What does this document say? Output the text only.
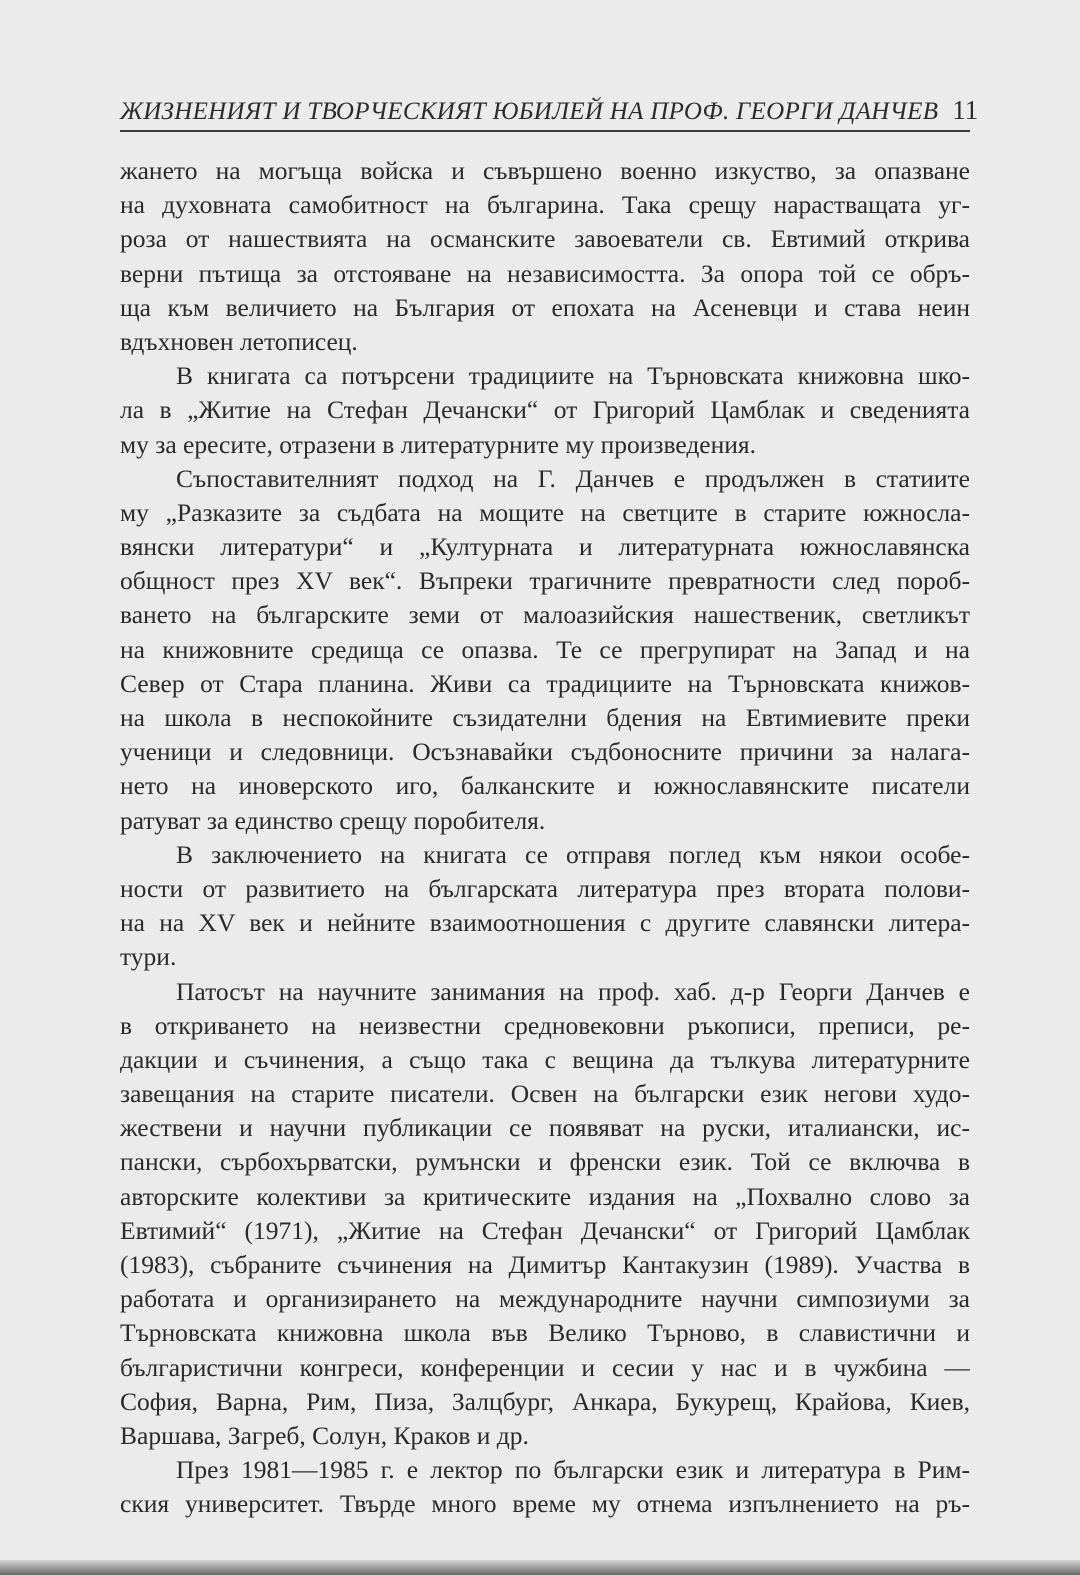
ЖИЗНЕНИЯТ И ТВОРЧЕСКИЯТ ЮБИЛЕЙ НА ПРОФ. ГЕОРГИ ДАНЧЕВ 11
жането на могъща войска и съвършено военно изкуство, за опазване
на духовната самобитност на българина. Така срещу нарастващата уг-
роза от нашествията на османските завоеватели св. Евтимий открива
верни пътища за отстояване на независимостта. За опора той се обръ-
ща към величието на България от епохата на Асеневци и става неин
вдъхновен летописец.
В книгата са потърсени традициите на Търновската книжовна шко-
ла в „Житие на Стефан Дечански“ от Григорий Цамблак и сведенията
му за ересите, отразени в литературните му произведения.
Съпоставителният подход на Г. Данчев е продължен в статиите
му „Разказите за съдбата на мощите на светците в старите южносла-
вянски литератури“ и „Културната и литературната южнославянска
общност през XV век“. Въпреки трагичните превратности след пороб-
ването на българските земи от малоазийския нашественик, светликът
на книжовните средища се опазва. Те се прегрупират на Запад и на
Север от Стара планина. Живи са традициите на Търновската книжов-
на школа в неспокойните съзидателни бдения на Евтимиевите преки
ученици и следовници. Осъзнавайки съдбоносните причини за налага-
нето на иноверското иго, балканските и южнославянските писатели
ратуват за единство срещу поробителя.
В заключението на книгата се отправя поглед към някои особе-
ности от развитието на българската литература през втората полови-
на на XV век и нейните взаимоотношения с другите славянски литера-
тури.
Патосът на научните занимания на проф. хаб. д-р Георги Данчев е
в откриването на неизвестни средновековни ръкописи, преписи, ре-
дакции и съчинения, а също така с вещина да тълкува литературните
завещания на старите писатели. Освен на български език негови худо-
жествени и научни публикации се появяват на руски, италиански, ис-
пански, сърбохърватски, румънски и френски език. Той се включва в
авторските колективи за критическите издания на „Похвално слово за
Евтимий“ (1971), „Житие на Стефан Дечански“ от Григорий Цамблак
(1983), събраните съчинения на Димитър Кантакузин (1989). Участва в
работата и организирането на международните научни симпозиуми за
Търновската книжовна школа във Велико Търново, в славистични и
българистични конгреси, конференции и сесии у нас и в чужбина —
София, Варна, Рим, Пиза, Залцбург, Анкара, Букурещ, Крайова, Киев,
Варшава, Загреб, Солун, Краков и др.
През 1981—1985 г. е лектор по български език и литература в Рим-
ския университет. Твърде много време му отнема изпълнението на ръ-
